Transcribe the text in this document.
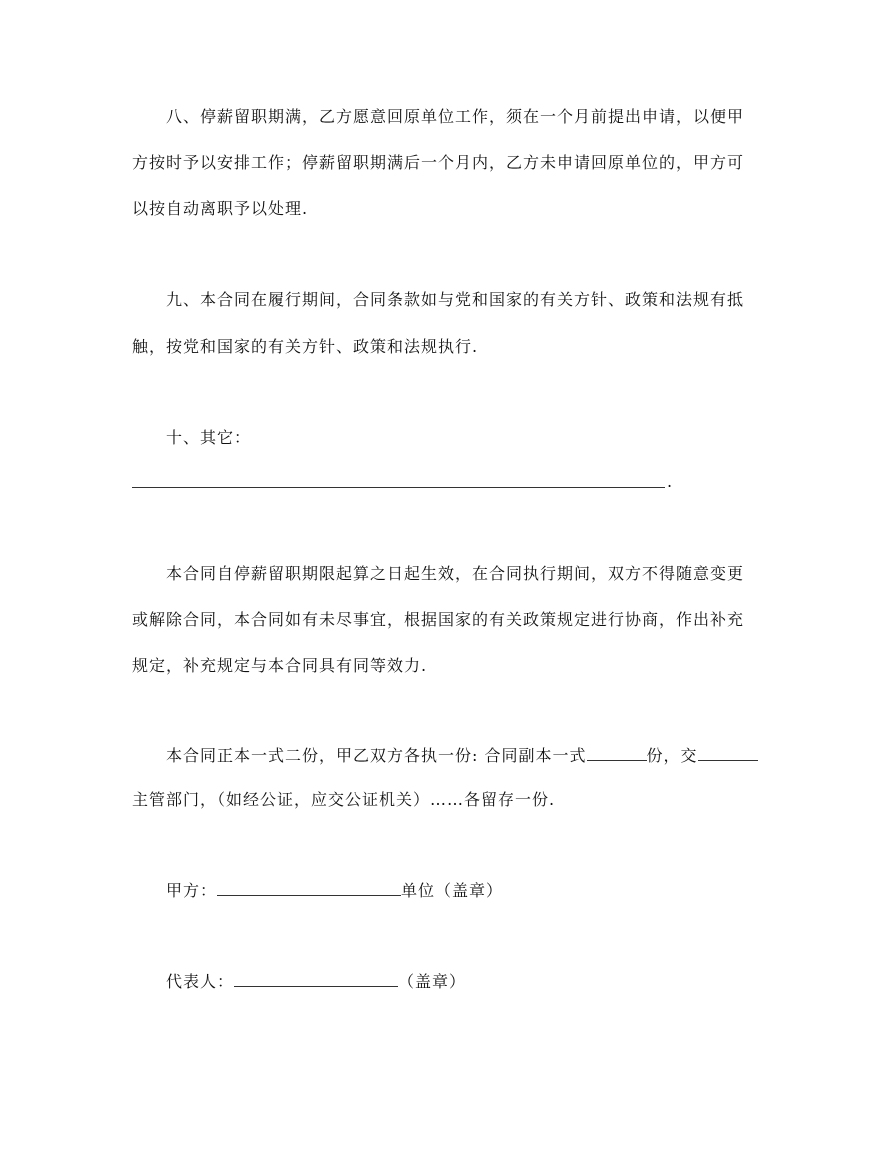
八、停薪留职期满，乙方愿意回原单位工作，须在一个月前提出申请，以便甲
方按时予以安排工作；停薪留职期满后一个月内，乙方未申请回原单位的，甲方可
以按自动离职予以处理.
九、本合同在履行期间，合同条款如与党和国家的有关方针、政策和法规有抵
触，按党和国家的有关方针、政策和法规执行.
十、其它：
.
本合同自停薪留职期限起算之日起生效，在合同执行期间，双方不得随意变更
或解除合同，本合同如有未尽事宜，根据国家的有关政策规定进行协商，作出补充
规定，补充规定与本合同具有同等效力.
本合同正本一式二份，甲乙双方各执一份: 合同副本一式	份，交
主管部门，（如经公证，应交公证机关）……各留存一份.
甲方：	单位（盖章）
代表人：	（盖章）
